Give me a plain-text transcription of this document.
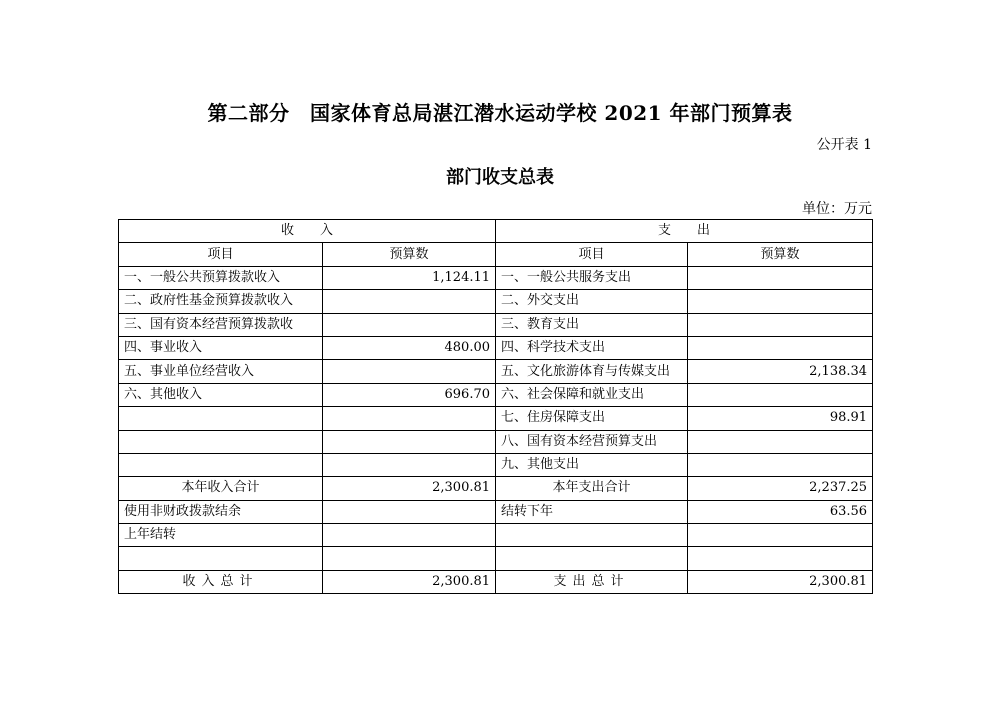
第二部分　国家体育总局湛江潜水运动学校 2021 年部门预算表
公开表 1
部门收支总表
单位：万元
收　　入		支　　出	
项目	预算数	项目	预算数
一、一般公共预算拨款收入	1,124.11	一、一般公共服务支出	
二、政府性基金预算拨款收入		二、外交支出	
三、国有资本经营预算拨款收		三、教育支出	
四、事业收入	480.00	四、科学技术支出	
五、事业单位经营收入		五、文化旅游体育与传媒支出	2,138.34
六、其他收入	696.70	六、社会保障和就业支出	
		七、住房保障支出	98.91
		八、国有资本经营预算支出	
		九、其他支出	
本年收入合计	2,300.81	本年支出合计	2,237.25
使用非财政拨款结余		结转下年	63.56
上年结转			

收入总计	2,300.81	支出总计	2,300.81
